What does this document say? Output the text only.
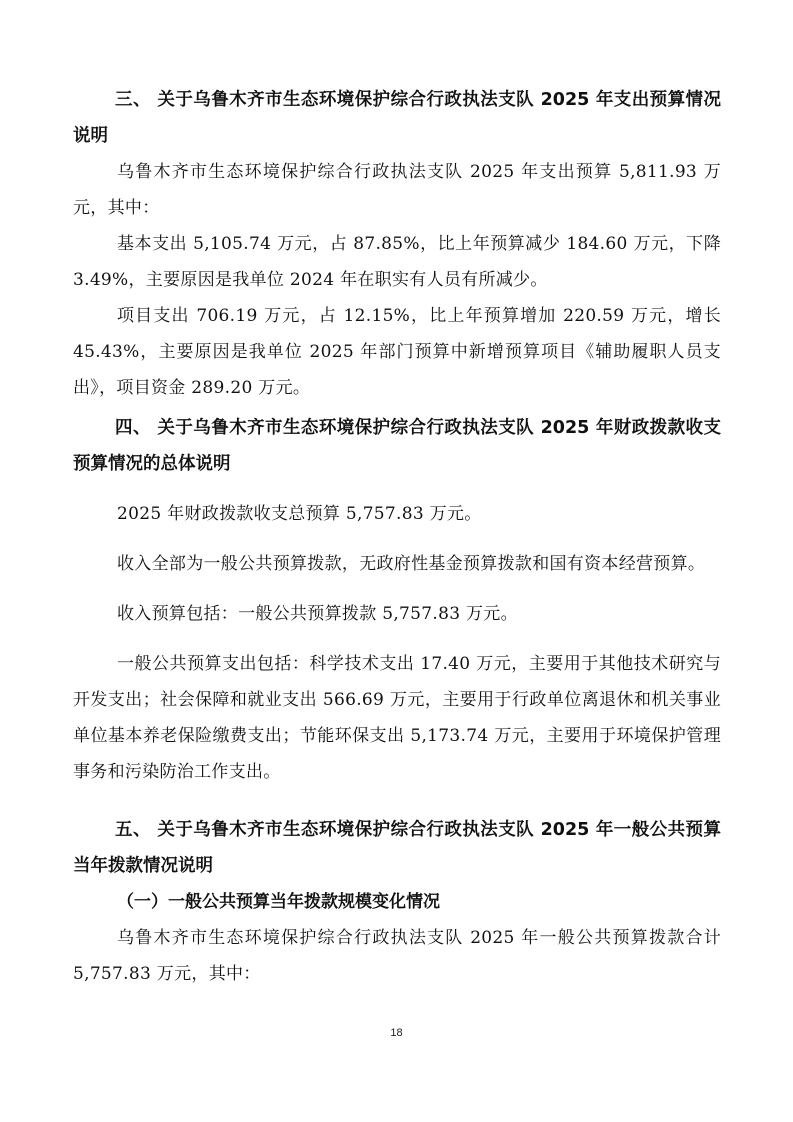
三、 关于乌鲁木齐市生态环境保护综合行政执法支队 2025 年支出预算情况说明

乌鲁木齐市生态环境保护综合行政执法支队 2025 年支出预算 5,811.93 万元，其中：

基本支出 5,105.74 万元，占 87.85%，比上年预算减少 184.60 万元，下降 3.49%，主要原因是我单位 2024 年在职实有人员有所减少。

项目支出 706.19 万元，占 12.15%，比上年预算增加 220.59 万元，增长 45.43%，主要原因是我单位 2025 年部门预算中新增预算项目《辅助履职人员支出》，项目资金 289.20 万元。

四、 关于乌鲁木齐市生态环境保护综合行政执法支队 2025 年财政拨款收支预算情况的总体说明

2025 年财政拨款收支总预算 5,757.83 万元。

收入全部为一般公共预算拨款，无政府性基金预算拨款和国有资本经营预算。

收入预算包括：一般公共预算拨款 5,757.83 万元。

一般公共预算支出包括：科学技术支出 17.40 万元，主要用于其他技术研究与开发支出；社会保障和就业支出 566.69 万元，主要用于行政单位离退休和机关事业单位基本养老保险缴费支出；节能环保支出 5,173.74 万元，主要用于环境保护管理事务和污染防治工作支出。

五、 关于乌鲁木齐市生态环境保护综合行政执法支队 2025 年一般公共预算当年拨款情况说明

（一）一般公共预算当年拨款规模变化情况

乌鲁木齐市生态环境保护综合行政执法支队 2025 年一般公共预算拨款合计 5,757.83 万元，其中：

18
